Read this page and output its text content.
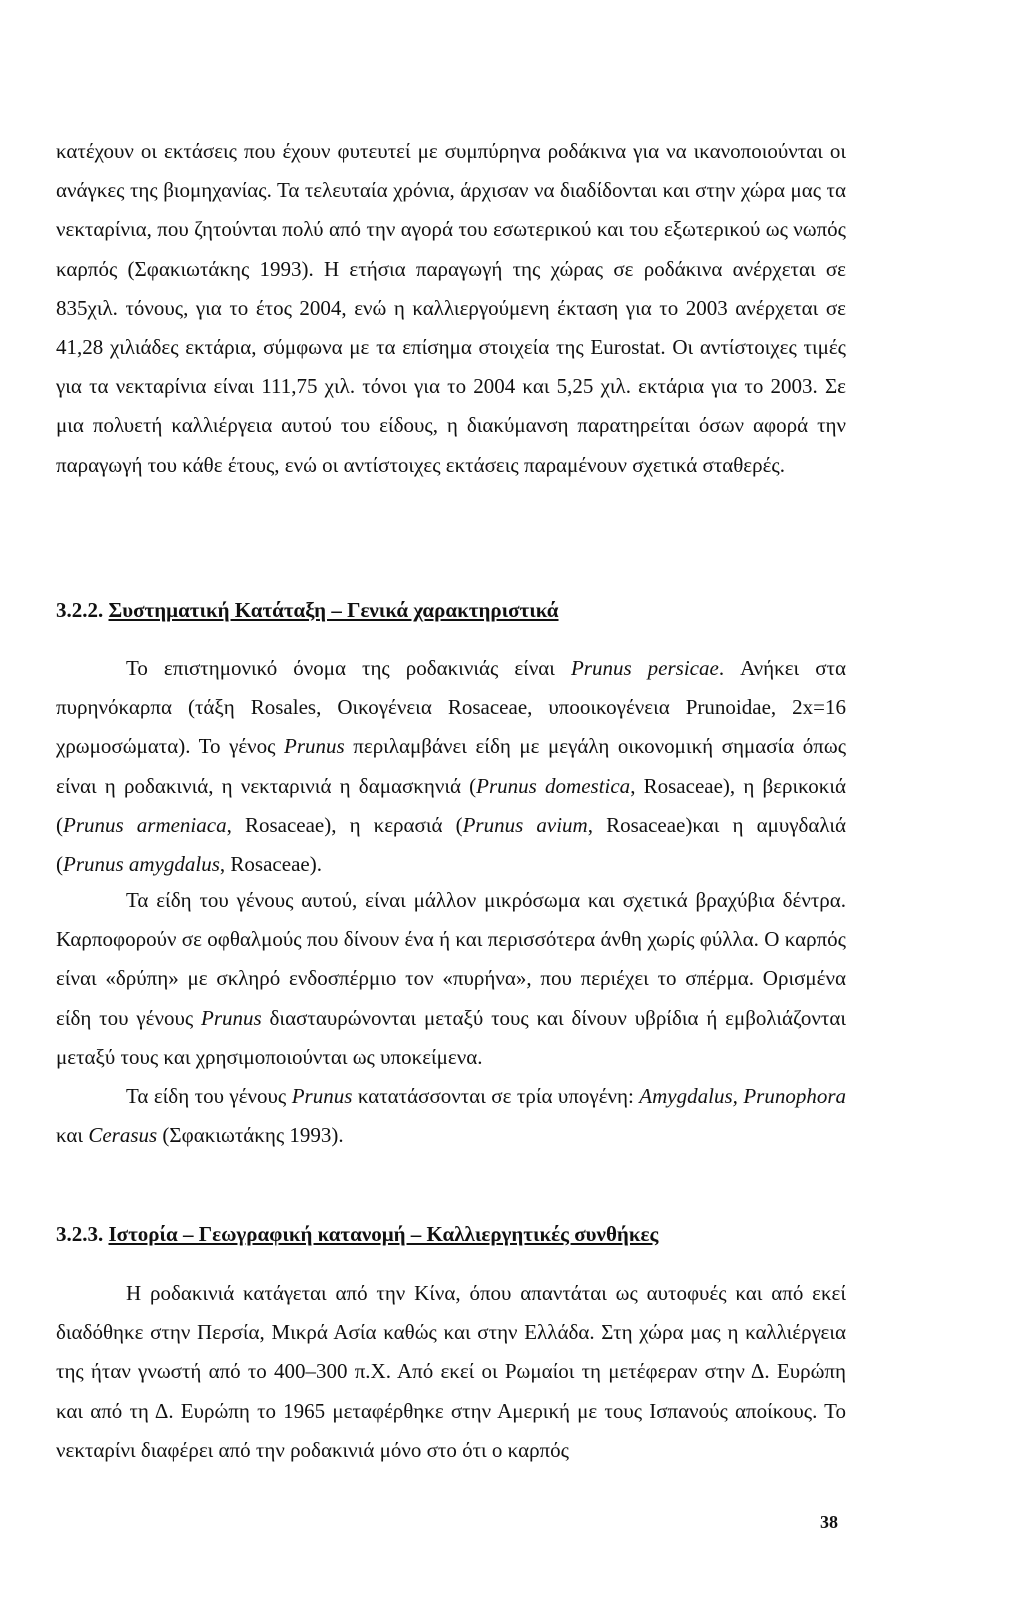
κατέχουν οι εκτάσεις που έχουν φυτευτεί με συμπύρηνα ροδάκινα για να ικανοποιούνται οι ανάγκες της βιομηχανίας. Τα τελευταία χρόνια, άρχισαν να διαδίδονται και στην χώρα μας τα νεκταρίνια, που ζητούνται πολύ από την αγορά του εσωτερικού και του εξωτερικού ως νωπός καρπός (Σφακιωτάκης 1993). Η ετήσια παραγωγή της χώρας σε ροδάκινα ανέρχεται σε 835χιλ. τόνους, για το έτος 2004, ενώ η καλλιεργούμενη έκταση για το 2003 ανέρχεται σε 41,28 χιλιάδες εκτάρια, σύμφωνα με τα επίσημα στοιχεία της Eurostat. Οι αντίστοιχες τιμές για τα νεκταρίνια είναι 111,75 χιλ. τόνοι για το 2004 και 5,25 χιλ. εκτάρια για το 2003. Σε μια πολυετή καλλιέργεια αυτού του είδους, η διακύμανση παρατηρείται όσων αφορά την παραγωγή του κάθε έτους, ενώ οι αντίστοιχες εκτάσεις παραμένουν σχετικά σταθερές.

3.2.2. Συστηματική Κατάταξη – Γενικά χαρακτηριστικά

Το επιστημονικό όνομα της ροδακινιάς είναι Prunus persicae. Ανήκει στα πυρηνόκαρπα (τάξη Rosales, Οικογένεια Rosaceae, υποοικογένεια Prunoidae, 2x=16 χρωμοσώματα). Το γένος Prunus περιλαμβάνει είδη με μεγάλη οικονομική σημασία όπως είναι η ροδακινιά, η νεκταρινιά η δαμασκηνιά (Prunus domestica, Rosaceae), η βερικοκιά (Prunus armeniaca, Rosaceae), η κερασιά (Prunus avium, Rosaceae)και η αμυγδαλιά (Prunus amygdalus, Rosaceae).

Τα είδη του γένους αυτού, είναι μάλλον μικρόσωμα και σχετικά βραχύβια δέντρα. Καρποφορούν σε οφθαλμούς που δίνουν ένα ή και περισσότερα άνθη χωρίς φύλλα. Ο καρπός είναι «δρύπη» με σκληρό ενδοσπέρμιο τον «πυρήνα», που περιέχει το σπέρμα. Ορισμένα είδη του γένους Prunus διασταυρώνονται μεταξύ τους και δίνουν υβρίδια ή εμβολιάζονται μεταξύ τους και χρησιμοποιούνται ως υποκείμενα.

Τα είδη του γένους Prunus κατατάσσονται σε τρία υπογένη: Amygdalus, Prunophora και Cerasus (Σφακιωτάκης 1993).

3.2.3. Ιστορία – Γεωγραφική κατανομή – Καλλιεργητικές συνθήκες

Η ροδακινιά κατάγεται από την Κίνα, όπου απαντάται ως αυτοφυές και από εκεί διαδόθηκε στην Περσία, Μικρά Ασία καθώς και στην Ελλάδα. Στη χώρα μας η καλλιέργεια της ήταν γνωστή από το 400–300 π.Χ. Από εκεί οι Ρωμαίοι τη μετέφεραν στην Δ. Ευρώπη και από τη Δ. Ευρώπη το 1965 μεταφέρθηκε στην Αμερική με τους Ισπανούς αποίκους. Το νεκταρίνι διαφέρει από την ροδακινιά μόνο στο ότι ο καρπός

38
